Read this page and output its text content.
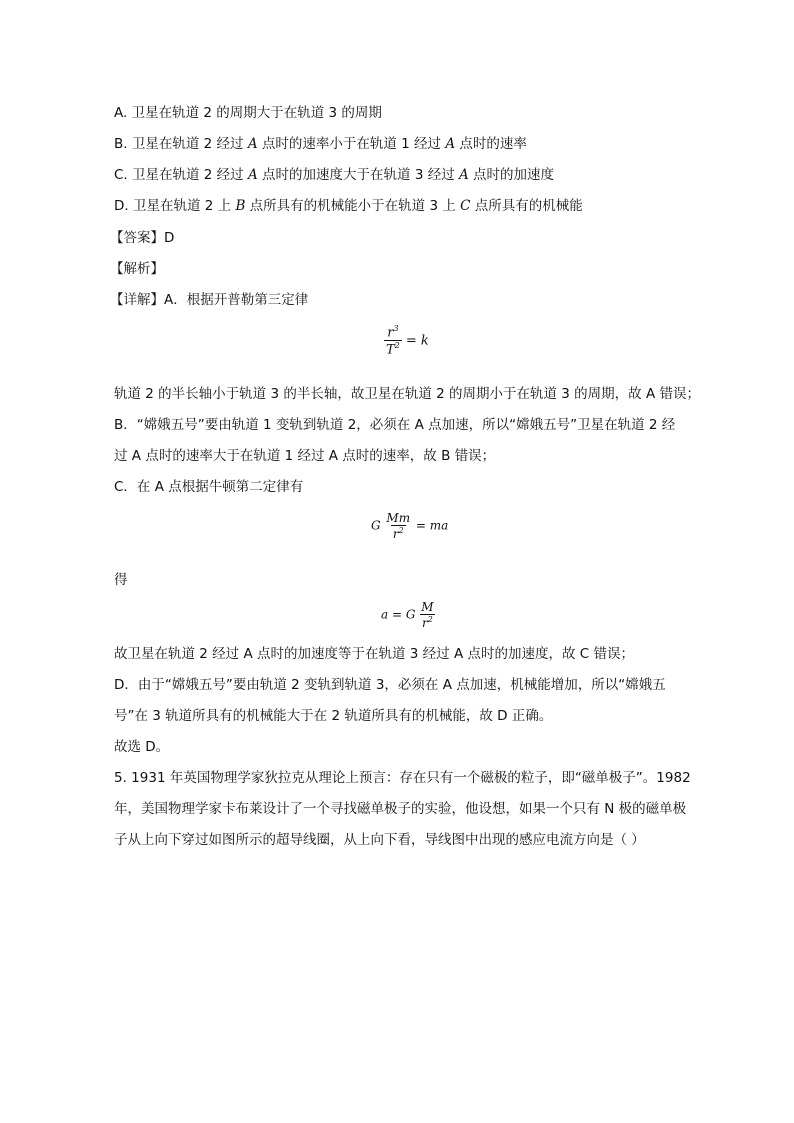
A. 卫星在轨道 2 的周期大于在轨道 3 的周期
B. 卫星在轨道 2 经过 A 点时的速率小于在轨道 1 经过 A 点时的速率
C. 卫星在轨道 2 经过 A 点时的加速度大于在轨道 3 经过 A 点时的加速度
D. 卫星在轨道 2 上 B 点所具有的机械能小于在轨道 3 上 C 点所具有的机械能
【答案】D
【解析】
【详解】A．根据开普勒第三定律
$\frac{r^3}{T^2} = k$
轨道 2 的半长轴小于轨道 3 的半长轴，故卫星在轨道 2 的周期小于在轨道 3 的周期，故 A 错误；
B．“嫦娥五号”要由轨道 1 变轨到轨道 2，必须在 A 点加速，所以“嫦娥五号”卫星在轨道 2 经
过 A 点时的速率大于在轨道 1 经过 A 点时的速率，故 B 错误；
C．在 A 点根据牛顿第二定律有
G $\frac{Mm}{r^2}$ = ma
得
a = G $\frac{M}{r^2}$
故卫星在轨道 2 经过 A 点时的加速度等于在轨道 3 经过 A 点时的加速度，故 C 错误；
D．由于“嫦娥五号”要由轨道 2 变轨到轨道 3，必须在 A 点加速，机械能增加，所以“嫦娥五
号”在 3 轨道所具有的机械能大于在 2 轨道所具有的机械能，故 D 正确。
故选 D。
5. 1931 年英国物理学家狄拉克从理论上预言：存在只有一个磁极的粒子，即“磁单极子”。1982
年，美国物理学家卡布莱设计了一个寻找磁单极子的实验，他设想，如果一个只有 N 极的磁单极
子从上向下穿过如图所示的超导线圈，从上向下看，导线图中出现的感应电流方向是（ ）
